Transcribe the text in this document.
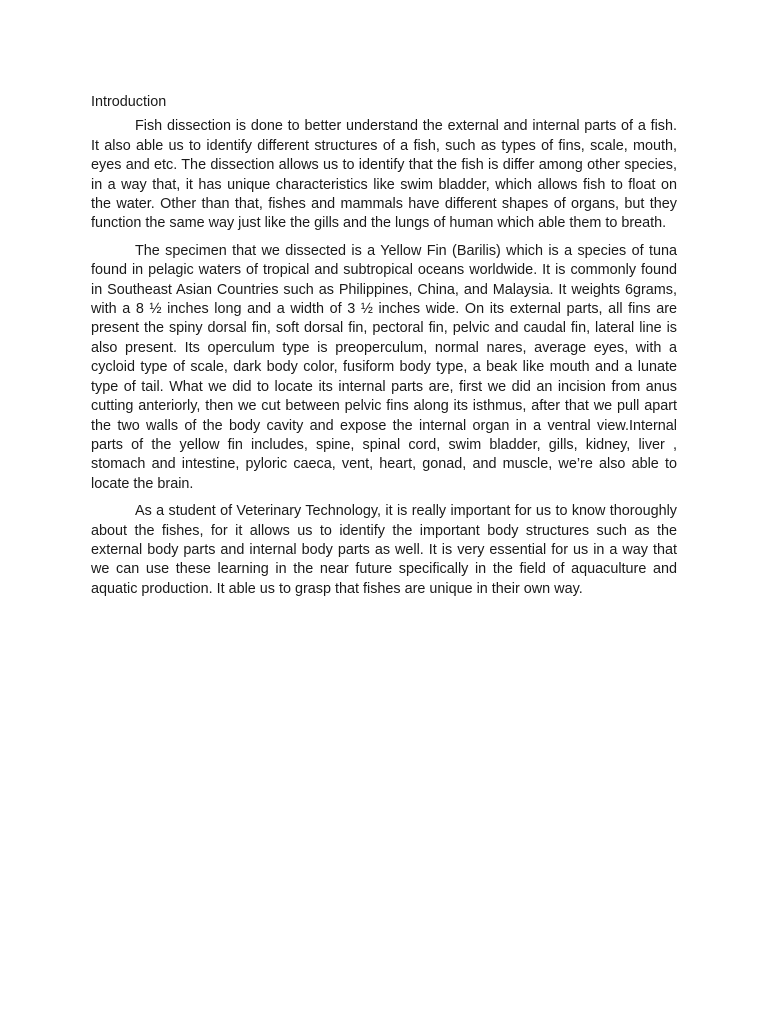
Introduction

Fish dissection is done to better understand the external and internal parts of a fish. It also able us to identify different structures of a fish, such as types of fins, scale, mouth, eyes and etc. The dissection allows us to identify that the fish is differ among other species, in a way that, it has unique characteristics like swim bladder, which allows fish to float on the water. Other than that, fishes and mammals have different shapes of organs, but they function the same way just like the gills and the lungs of human which able them to breath.

The specimen that we dissected is a Yellow Fin (Barilis) which is a species of tuna found in pelagic waters of tropical and subtropical oceans worldwide. It is commonly found in Southeast Asian Countries such as Philippines, China, and Malaysia. It weights 6grams, with a 8 ½ inches long and a width of 3 ½ inches wide. On its external parts, all fins are present the spiny dorsal fin, soft dorsal fin, pectoral fin, pelvic and caudal fin, lateral line is also present. Its operculum type is preoperculum, normal nares, average eyes, with a cycloid type of scale, dark body color, fusiform body type, a beak like mouth and a lunate type of tail. What we did to locate its internal parts are, first we did an incision from anus cutting anteriorly, then we cut between pelvic fins along its isthmus, after that we pull apart the two walls of the body cavity and expose the internal organ in a ventral view.Internal parts of the yellow fin includes, spine, spinal cord, swim bladder, gills, kidney, liver , stomach and intestine, pyloric caeca, vent, heart, gonad, and muscle, we’re also able to locate the brain.

As a student of Veterinary Technology, it is really important for us to know thoroughly about the fishes, for it allows us to identify the important body structures such as the external body parts and internal body parts as well. It is very essential for us in a way that we can use these learning in the near future specifically in the field of aquaculture and aquatic production. It able us to grasp that fishes are unique in their own way.
